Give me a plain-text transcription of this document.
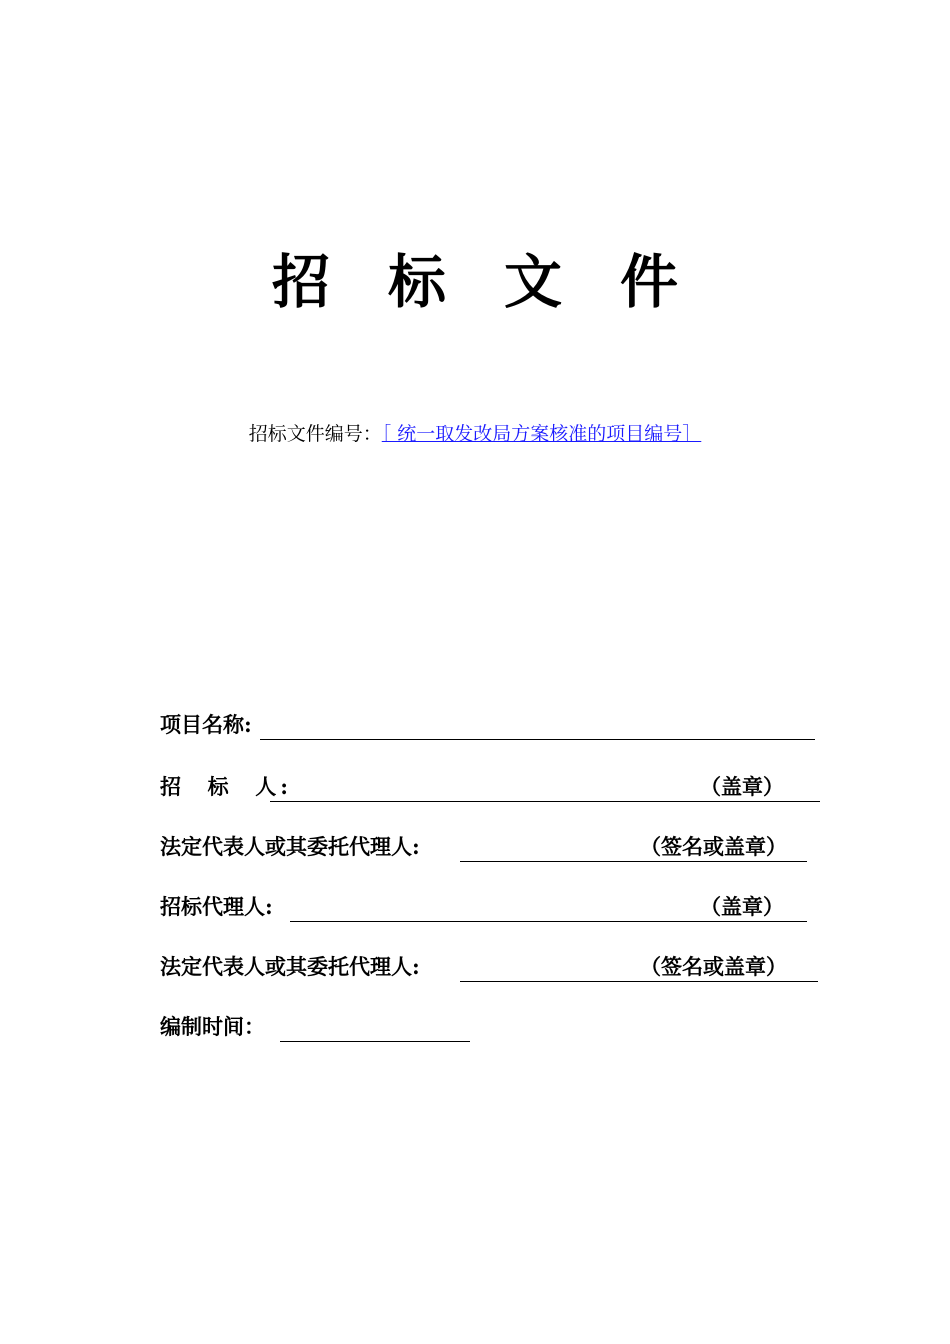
招标文件
招标文件编号：［ 统一取发改局方案核准的项目编号］
项目名称:
招  标  人:	（盖章）
法定代表人或其委托代理人:	（签名或盖章）
招标代理人:	（盖章）
法定代表人或其委托代理人:	（签名或盖章）
编制时间：
